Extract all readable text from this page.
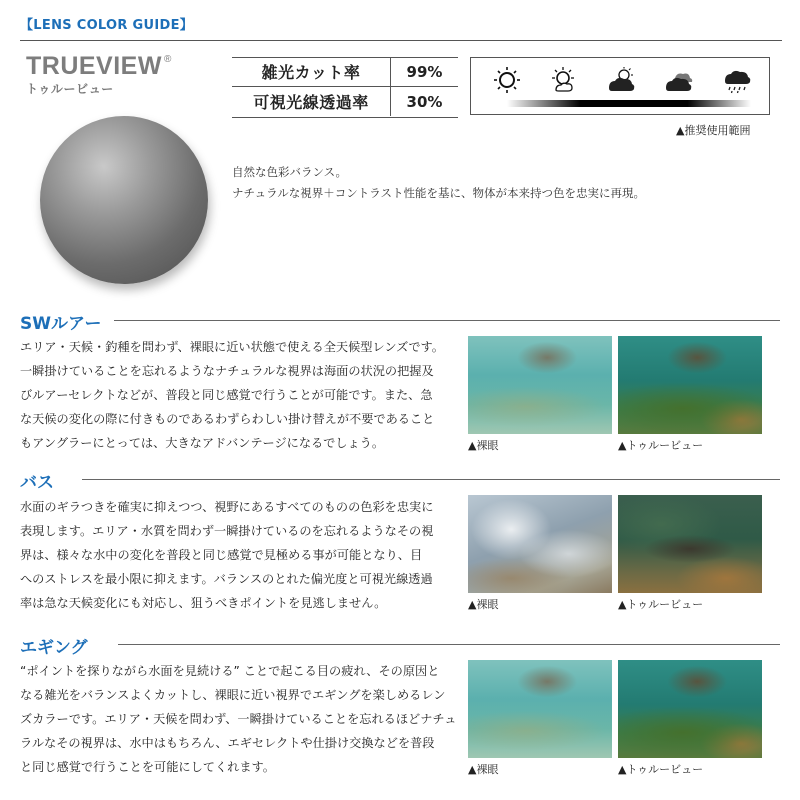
【LENS COLOR GUIDE】
TRUEVIEW ®
トゥルービュー
雑光カット率	99%
可視光線透過率	30%
▲推奨使用範囲
自然な色彩バランス。
ナチュラルな視界＋コントラスト性能を基に、物体が本来持つ色を忠実に再現。
SWルアー
エリア・天候・釣種を問わず、裸眼に近い状態で使える全天候型レンズです。
一瞬掛けていることを忘れるようなナチュラルな視界は海面の状況の把握及
びルアーセレクトなどが、普段と同じ感覚で行うことが可能です。また、急
な天候の変化の際に付きものであるわずらわしい掛け替えが不要であること
もアングラーにとっては、大きなアドバンテージになるでしょう。	▲裸眼	▲トゥルービュー
バス
水面のギラつきを確実に抑えつつ、視野にあるすべてのものの色彩を忠実に
表現します。エリア・水質を問わず一瞬掛けているのを忘れるようなその視
界は、様々な水中の変化を普段と同じ感覚で見極める事が可能となり、目
へのストレスを最小限に抑えます。バランスのとれた偏光度と可視光線透過
率は急な天候変化にも対応し、狙うべきポイントを見逃しません。	▲裸眼	▲トゥルービュー
エギング
“ポイントを探りながら水面を見続ける” ことで起こる目の疲れ、その原因と
なる雑光をバランスよくカットし、裸眼に近い視界でエギングを楽しめるレン
ズカラーです。エリア・天候を問わず、一瞬掛けていることを忘れるほどナチュ
ラルなその視界は、水中はもちろん、エギセレクトや仕掛け交換などを普段
と同じ感覚で行うことを可能にしてくれます。	▲裸眼	▲トゥルービュー
